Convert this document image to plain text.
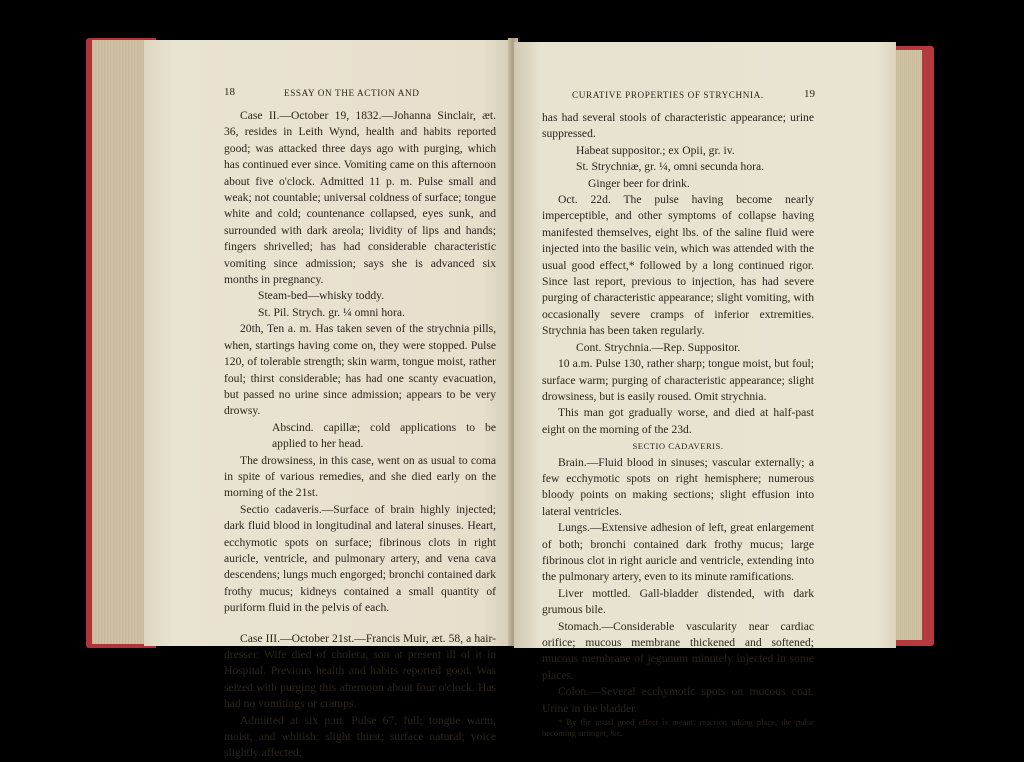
18	ESSAY ON THE ACTION AND

Case II.—October 19, 1832.—Johanna Sinclair, æt. 36, resides in Leith Wynd, health and habits reported good; was attacked three days ago with purging, which has continued ever since. Vomiting came on this afternoon about five o'clock. Admitted 11 p. m. Pulse small and weak; not countable; universal coldness of surface; tongue white and cold; countenance collapsed, eyes sunk, and surrounded with dark areola; lividity of lips and hands; fingers shrivelled; has had considerable characteristic vomiting since admission; says she is advanced six months in pregnancy.

Steam-bed—whisky toddy.

St. Pil. Strych. gr. ¼ omni hora.

20th, Ten a. m. Has taken seven of the strychnia pills, when, startings having come on, they were stopped. Pulse 120, of tolerable strength; skin warm, tongue moist, rather foul; thirst considerable; has had one scanty evacuation, but passed no urine since admission; appears to be very drowsy.

Abscind. capillæ; cold applications to be applied to her head.

The drowsiness, in this case, went on as usual to coma in spite of various remedies, and she died early on the morning of the 21st.

Sectio cadaveris.—Surface of brain highly injected; dark fluid blood in longitudinal and lateral sinuses. Heart, ecchymotic spots on surface; fibrinous clots in right auricle, ventricle, and pulmonary artery, and vena cava descendens; lungs much engorged; bronchi contained dark frothy mucus; kidneys contained a small quantity of puriform fluid in the pelvis of each.

Case III.—October 21st.—Francis Muir, æt. 58, a hair-dresser. Wife died of cholera, son at present ill of it in Hospital. Previous health and habits reported good. Was seized with purging this afternoon about four o'clock. Has had no vomitings or cramps.

Admitted at six p.m. Pulse 67, full; tongue warm, moist, and whitish; slight thirst; surface natural; voice slightly affected;

CURATIVE PROPERTIES OF STRYCHNIA.	19

has had several stools of characteristic appearance; urine suppressed.

Habeat suppositor.; ex Opii, gr. iv.

St. Strychniæ, gr. ¼, omni secunda hora.

Ginger beer for drink.

Oct. 22d. The pulse having become nearly imperceptible, and other symptoms of collapse having manifested themselves, eight lbs. of the saline fluid were injected into the basilic vein, which was attended with the usual good effect,* followed by a long continued rigor. Since last report, previous to injection, has had severe purging of characteristic appearance; slight vomiting, with occasionally severe cramps of inferior extremities. Strychnia has been taken regularly.

Cont. Strychnia.—Rep. Suppositor.

10 a.m. Pulse 130, rather sharp; tongue moist, but foul; surface warm; purging of characteristic appearance; slight drowsiness, but is easily roused. Omit strychnia.

This man got gradually worse, and died at half-past eight on the morning of the 23d.

SECTIO CADAVERIS.

Brain.—Fluid blood in sinuses; vascular externally; a few ecchymotic spots on right hemisphere; numerous bloody points on making sections; slight effusion into lateral ventricles.

Lungs.—Extensive adhesion of left, great enlargement of both; bronchi contained dark frothy mucus; large fibrinous clot in right auricle and ventricle, extending into the pulmonary artery, even to its minute ramifications.

Liver mottled. Gall-bladder distended, with dark grumous bile.

Stomach.—Considerable vascularity near cardiac orifice; mucous membrane thickened and softened; mucous membrane of jegunum minutely injected in some places.

Colon.—Several ecchymotic spots on mucous coat. Urine in the bladder.

* By the usual good effect is meant, reaction taking place, the pulse becoming stronger, &c.
